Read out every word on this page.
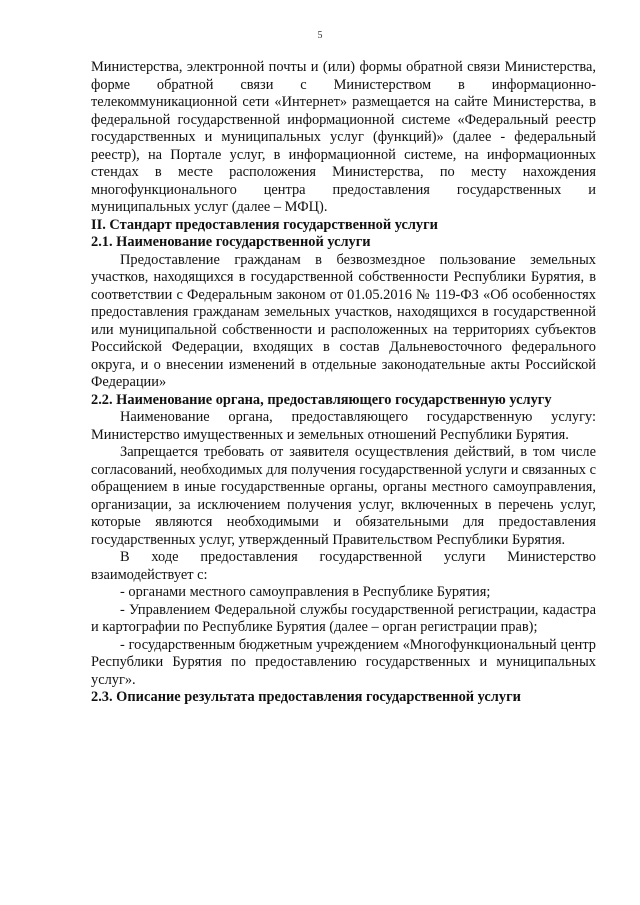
5

Министерства, электронной почты и (или) формы обратной связи Министерства, форме обратной связи с Министерством в информационно-телекоммуникационной сети «Интернет» размещается на сайте Министерства, в федеральной государственной информационной системе «Федеральный реестр государственных и муниципальных услуг (функций)» (далее - федеральный реестр), на Портале услуг, в информационной системе, на информационных стендах в месте расположения Министерства, по месту нахождения многофункционального центра предоставления государственных и муниципальных услуг (далее – МФЦ).

II. Стандарт предоставления государственной услуги

2.1. Наименование государственной услуги

Предоставление гражданам в безвозмездное пользование земельных участков, находящихся в государственной собственности Республики Бурятия, в соответствии с Федеральным законом от 01.05.2016 № 119-ФЗ «Об особенностях предоставления гражданам земельных участков, находящихся в государственной или муниципальной собственности и расположенных на территориях субъектов Российской Федерации, входящих в состав Дальневосточного федерального округа, и о внесении изменений в отдельные законодательные акты Российской Федерации»

2.2. Наименование органа, предоставляющего государственную услугу

Наименование органа, предоставляющего государственную услугу: Министерство имущественных и земельных отношений Республики Бурятия.

Запрещается требовать от заявителя осуществления действий, в том числе согласований, необходимых для получения государственной услуги и связанных с обращением в иные государственные органы, органы местного самоуправления, организации, за исключением получения услуг, включенных в перечень услуг, которые являются необходимыми и обязательными для предоставления государственных услуг, утвержденный Правительством Республики Бурятия.

В ходе предоставления государственной услуги Министерство взаимодействует с:

- органами местного самоуправления в Республике Бурятия;

- Управлением Федеральной службы государственной регистрации, кадастра и картографии по Республике Бурятия (далее – орган регистрации прав);

- государственным бюджетным учреждением «Многофункциональный центр Республики Бурятия по предоставлению государственных и муниципальных услуг».

2.3. Описание результата предоставления государственной услуги
